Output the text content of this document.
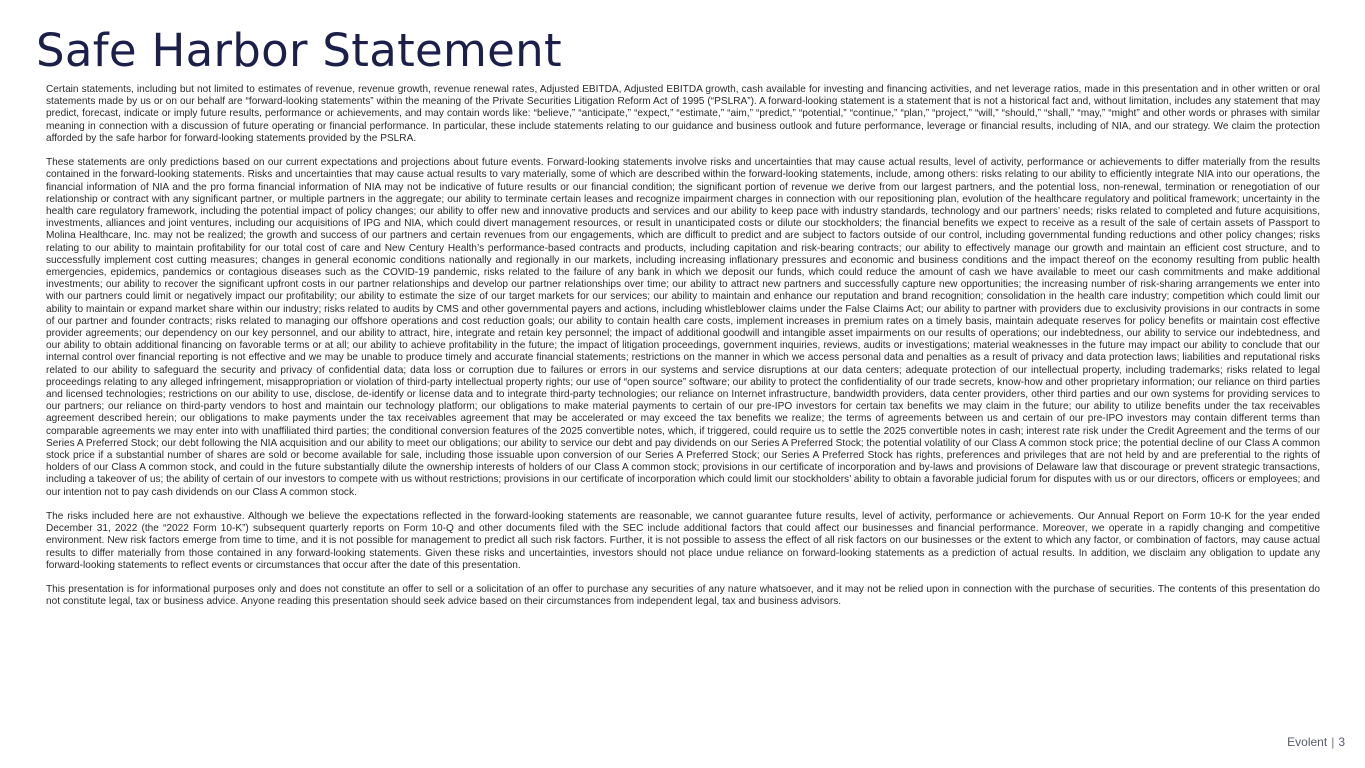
Safe Harbor Statement

Certain statements, including but not limited to estimates of revenue, revenue growth, revenue renewal rates, Adjusted EBITDA, Adjusted EBITDA growth, cash available for investing and financing activities, and net leverage ratios, made in this presentation and in other written or oral statements made by us or on our behalf are “forward-looking statements” within the meaning of the Private Securities Litigation Reform Act of 1995 (“PSLRA”). A forward-looking statement is a statement that is not a historical fact and, without limitation, includes any statement that may predict, forecast, indicate or imply future results, performance or achievements, and may contain words like: “believe,” “anticipate,” “expect,” “estimate,” “aim,” “predict,” “potential,” “continue,” “plan,” “project,” “will,” “should,” “shall,” “may,” “might” and other words or phrases with similar meaning in connection with a discussion of future operating or financial performance. In particular, these include statements relating to our guidance and business outlook and future performance, leverage or financial results, including of NIA, and our strategy. We claim the protection afforded by the safe harbor for forward-looking statements provided by the PSLRA.

These statements are only predictions based on our current expectations and projections about future events. Forward-looking statements involve risks and uncertainties that may cause actual results, level of activity, performance or achievements to differ materially from the results contained in the forward-looking statements. Risks and uncertainties that may cause actual results to vary materially, some of which are described within the forward-looking statements, include, among others: risks relating to our ability to efficiently integrate NIA into our operations, the financial information of NIA and the pro forma financial information of NIA may not be indicative of future results or our financial condition; the significant portion of revenue we derive from our largest partners, and the potential loss, non-renewal, termination or renegotiation of our relationship or contract with any significant partner, or multiple partners in the aggregate; our ability to terminate certain leases and recognize impairment charges in connection with our repositioning plan, evolution of the healthcare regulatory and political framework; uncertainty in the health care regulatory framework, including the potential impact of policy changes; our ability to offer new and innovative products and services and our ability to keep pace with industry standards, technology and our partners’ needs; risks related to completed and future acquisitions, investments, alliances and joint ventures, including our acquisitions of IPG and NIA, which could divert management resources, or result in unanticipated costs or dilute our stockholders; the financial benefits we expect to receive as a result of the sale of certain assets of Passport to Molina Healthcare, Inc. may not be realized; the growth and success of our partners and certain revenues from our engagements, which are difficult to predict and are subject to factors outside of our control, including governmental funding reductions and other policy changes; risks relating to our ability to maintain profitability for our total cost of care and New Century Health’s performance-based contracts and products, including capitation and risk-bearing contracts; our ability to effectively manage our growth and maintain an efficient cost structure, and to successfully implement cost cutting measures; changes in general economic conditions nationally and regionally in our markets, including increasing inflationary pressures and economic and business conditions and the impact thereof on the economy resulting from public health emergencies, epidemics, pandemics or contagious diseases such as the COVID-19 pandemic, risks related to the failure of any bank in which we deposit our funds, which could reduce the amount of cash we have available to meet our cash commitments and make additional investments; our ability to recover the significant upfront costs in our partner relationships and develop our partner relationships over time; our ability to attract new partners and successfully capture new opportunities; the increasing number of risk-sharing arrangements we enter into with our partners could limit or negatively impact our profitability; our ability to estimate the size of our target markets for our services; our ability to maintain and enhance our reputation and brand recognition; consolidation in the health care industry; competition which could limit our ability to maintain or expand market share within our industry; risks related to audits by CMS and other governmental payers and actions, including whistleblower claims under the False Claims Act; our ability to partner with providers due to exclusivity provisions in our contracts in some of our partner and founder contracts; risks related to managing our offshore operations and cost reduction goals; our ability to contain health care costs, implement increases in premium rates on a timely basis, maintain adequate reserves for policy benefits or maintain cost effective provider agreements; our dependency on our key personnel, and our ability to attract, hire, integrate and retain key personnel; the impact of additional goodwill and intangible asset impairments on our results of operations; our indebtedness, our ability to service our indebtedness, and our ability to obtain additional financing on favorable terms or at all; our ability to achieve profitability in the future; the impact of litigation proceedings, government inquiries, reviews, audits or investigations; material weaknesses in the future may impact our ability to conclude that our internal control over financial reporting is not effective and we may be unable to produce timely and accurate financial statements; restrictions on the manner in which we access personal data and penalties as a result of privacy and data protection laws; liabilities and reputational risks related to our ability to safeguard the security and privacy of confidential data; data loss or corruption due to failures or errors in our systems and service disruptions at our data centers; adequate protection of our intellectual property, including trademarks; risks related to legal proceedings relating to any alleged infringement, misappropriation or violation of third-party intellectual property rights; our use of “open source” software; our ability to protect the confidentiality of our trade secrets, know-how and other proprietary information; our reliance on third parties and licensed technologies; restrictions on our ability to use, disclose, de-identify or license data and to integrate third-party technologies; our reliance on Internet infrastructure, bandwidth providers, data center providers, other third parties and our own systems for providing services to our partners; our reliance on third-party vendors to host and maintain our technology platform; our obligations to make material payments to certain of our pre-IPO investors for certain tax benefits we may claim in the future; our ability to utilize benefits under the tax receivables agreement described herein; our obligations to make payments under the tax receivables agreement that may be accelerated or may exceed the tax benefits we realize; the terms of agreements between us and certain of our pre-IPO investors may contain different terms than comparable agreements we may enter into with unaffiliated third parties; the conditional conversion features of the 2025 convertible notes, which, if triggered, could require us to settle the 2025 convertible notes in cash; interest rate risk under the Credit Agreement and the terms of our Series A Preferred Stock; our debt following the NIA acquisition and our ability to meet our obligations; our ability to service our debt and pay dividends on our Series A Preferred Stock; the potential volatility of our Class A common stock price; the potential decline of our Class A common stock price if a substantial number of shares are sold or become available for sale, including those issuable upon conversion of our Series A Preferred Stock; our Series A Preferred Stock has rights, preferences and privileges that are not held by and are preferential to the rights of holders of our Class A common stock, and could in the future substantially dilute the ownership interests of holders of our Class A common stock; provisions in our certificate of incorporation and by-laws and provisions of Delaware law that discourage or prevent strategic transactions, including a takeover of us; the ability of certain of our investors to compete with us without restrictions; provisions in our certificate of incorporation which could limit our stockholders’ ability to obtain a favorable judicial forum for disputes with us or our directors, officers or employees; and our intention not to pay cash dividends on our Class A common stock.

The risks included here are not exhaustive. Although we believe the expectations reflected in the forward-looking statements are reasonable, we cannot guarantee future results, level of activity, performance or achievements. Our Annual Report on Form 10-K for the year ended December 31, 2022 (the “2022 Form 10-K”) subsequent quarterly reports on Form 10-Q and other documents filed with the SEC include additional factors that could affect our businesses and financial performance. Moreover, we operate in a rapidly changing and competitive environment. New risk factors emerge from time to time, and it is not possible for management to predict all such risk factors. Further, it is not possible to assess the effect of all risk factors on our businesses or the extent to which any factor, or combination of factors, may cause actual results to differ materially from those contained in any forward-looking statements. Given these risks and uncertainties, investors should not place undue reliance on forward-looking statements as a prediction of actual results. In addition, we disclaim any obligation to update any forward-looking statements to reflect events or circumstances that occur after the date of this presentation.

This presentation is for informational purposes only and does not constitute an offer to sell or a solicitation of an offer to purchase any securities of any nature whatsoever, and it may not be relied upon in connection with the purchase of securities. The contents of this presentation do not constitute legal, tax or business advice. Anyone reading this presentation should seek advice based on their circumstances from independent legal, tax and business advisors.

Evolent | 3
